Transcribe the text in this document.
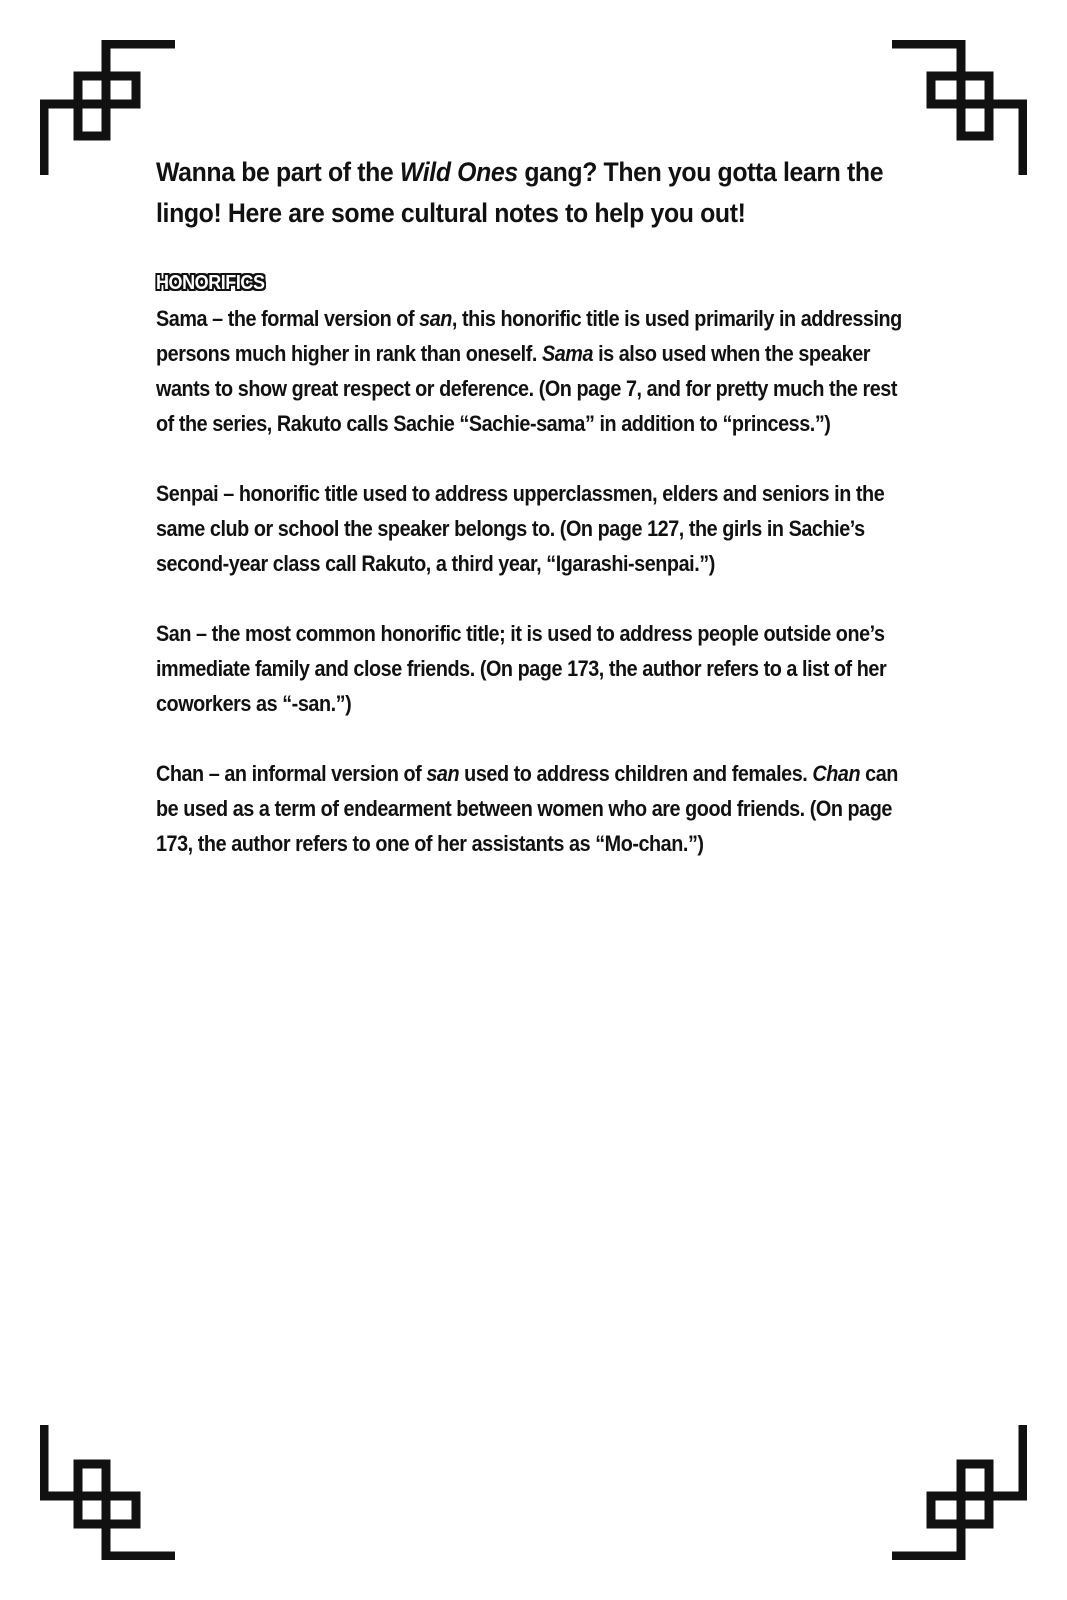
Wanna be part of the Wild Ones gang? Then you gotta learn the lingo! Here are some cultural notes to help you out!

HONORIFICS

Sama – the formal version of san, this honorific title is used primarily in addressing persons much higher in rank than oneself. Sama is also used when the speaker wants to show great respect or deference. (On page 7, and for pretty much the rest of the series, Rakuto calls Sachie “Sachie-sama” in addition to “princess.”)

Senpai – honorific title used to address upperclassmen, elders and seniors in the same club or school the speaker belongs to. (On page 127, the girls in Sachie’s second-year class call Rakuto, a third year, “Igarashi-senpai.”)

San – the most common honorific title; it is used to address people outside one’s immediate family and close friends. (On page 173, the author refers to a list of her coworkers as “-san.”)

Chan – an informal version of san used to address children and females. Chan can be used as a term of endearment between women who are good friends. (On page 173, the author refers to one of her assistants as “Mo-chan.”)
